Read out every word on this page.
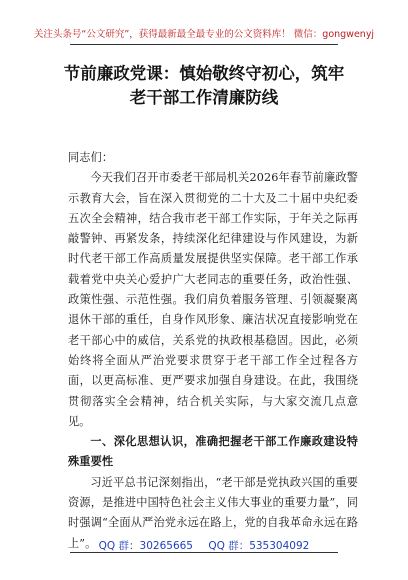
关注头条号“公文研究”，获得最新最全最专业的公文资料库！ 微信：gongwenyj
节前廉政党课：慎始敬终守初心，筑牢老干部工作清廉防线

同志们：

今天我们召开市委老干部局机关2026年春节前廉政警示教育大会，旨在深入贯彻党的二十大及二十届中央纪委五次全会精神，结合我市老干部工作实际，于年关之际再敲警钟、再紧发条，持续深化纪律建设与作风建设，为新时代老干部工作高质量发展提供坚实保障。老干部工作承载着党中央关心爱护广大老同志的重要任务，政治性强、政策性强、示范性强。我们肩负着服务管理、引领凝聚离退休干部的重任，自身作风形象、廉洁状况直接影响党在老干部心中的威信，关系党的执政根基稳固。因此，必须始终将全面从严治党要求贯穿于老干部工作全过程各方面，以更高标准、更严要求加强自身建设。在此，我围绕贯彻落实全会精神，结合机关实际，与大家交流几点意见。

一、深化思想认识，准确把握老干部工作廉政建设特殊重要性

习近平总书记深刻指出，“老干部是党执政兴国的重要资源，是推进中国特色社会主义伟大事业的重要力量”，同时强调“全面从严治党永远在路上，党的自我革命永远在路上”。 QQ 群：30265665 QQ 群：535304092
